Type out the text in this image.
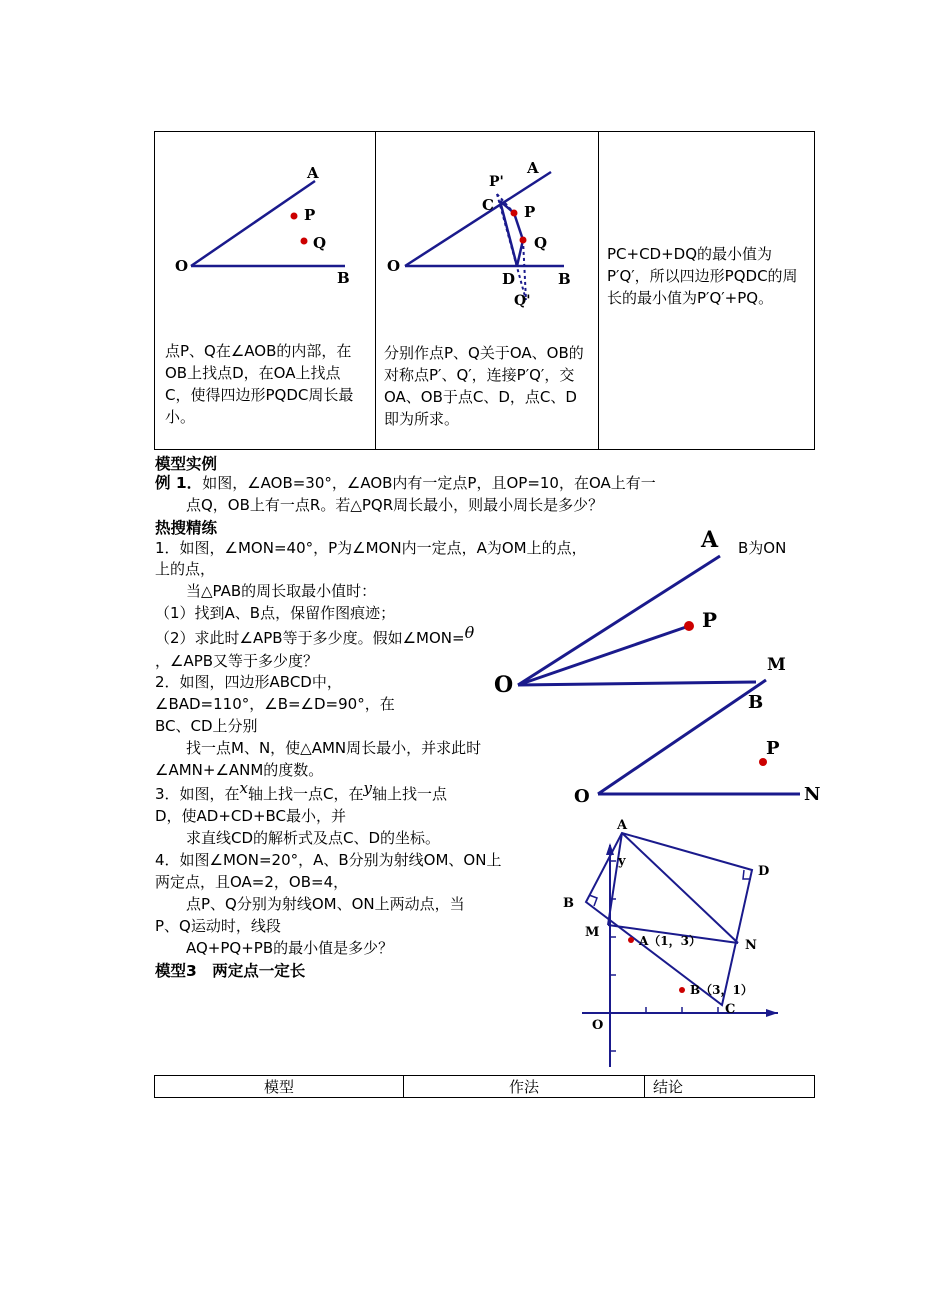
A
P
Q
O
B
点P、Q在∠AOB的内部，在OB上找点D，在OA上找点C，使得四边形PQDC周长最小。

P'
A
C P
Q
O
D	B
Q'
分别作点P、Q关于OA、OB的对称点P′、Q′，连接P′Q′，交OA、OB于点C、D，点C、D即为所求。

PC+CD+DQ的最小值为P′Q′，所以四边形PQDC的周长的最小值为P′Q′+PQ。
模型实例
例 1．如图，∠AOB=30°，∠AOB内有一定点P，且OP=10，在OA上有一
点Q，OB上有一点R。若△PQR周长最小，则最小周长是多少？
热搜精练
1．如图，∠MON=40°，P为∠MON内一定点，A为OM上的点，	B为ON
上的点，
当△PAB的周长取最小值时：
（1）找到A、B点，保留作图痕迹；
（2）求此时∠APB等于多少度。假如∠MON=θ
，∠APB又等于多少度？
2．如图，四边形ABCD中，
∠BAD=110°，∠B=∠D=90°，在
BC、CD上分别
找一点M、N，使△AMN周长最小，并求此时
∠AMN+∠ANM的度数。
3．如图，在x轴上找一点C，在y轴上找一点
D，使AD+CD+BC最小，并
求直线CD的解析式及点C、D的坐标。
4．如图∠MON=20°，A、B分别为射线OM、ON上
两定点，且OA=2，OB=4，
点P、Q分别为射线OM、ON上两动点，当
P、Q运动时，线段
AQ+PQ+PB的最小值是多少？
模型3　两定点一定长
A
P
O
M
B
P
O	N
A
y
D
B
M
A（1，3）	N
B（3，1）
C
O
模型	作法	结论
